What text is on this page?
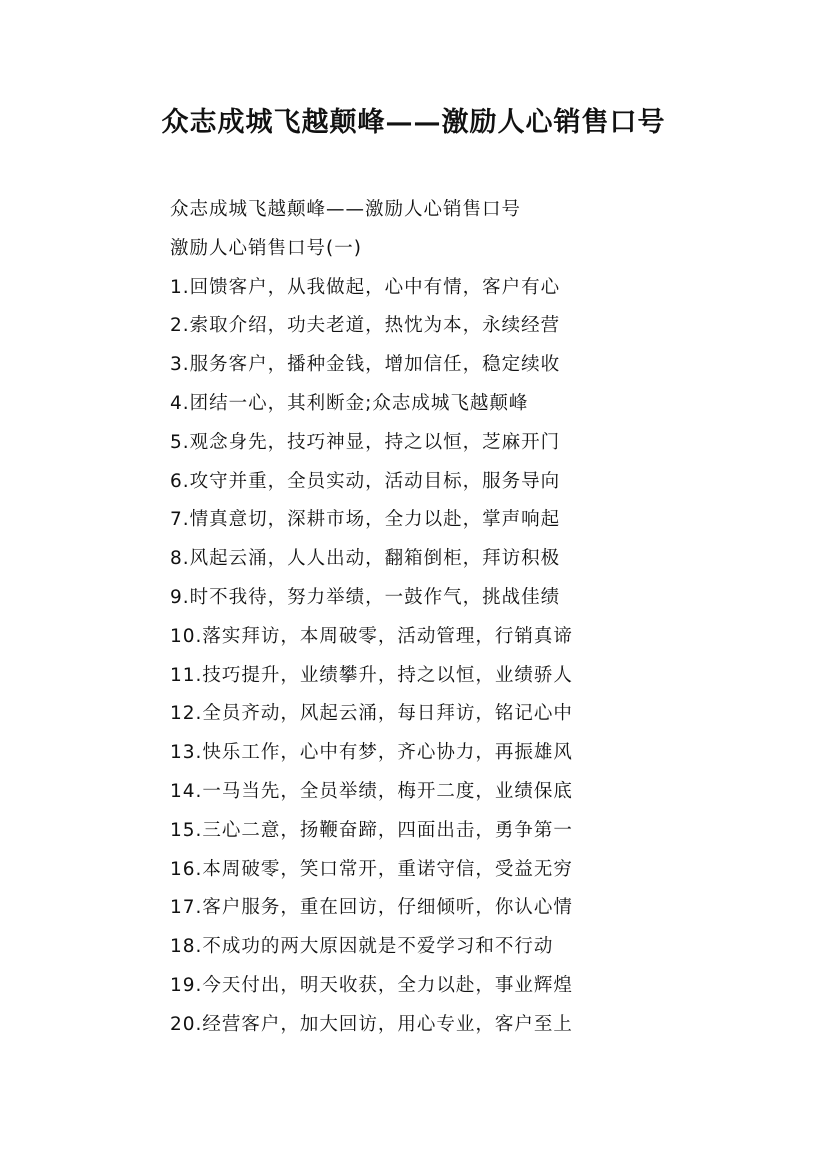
众志成城飞越颠峰——激励人心销售口号
众志成城飞越颠峰——激励人心销售口号
激励人心销售口号(一)
1.回馈客户，从我做起，心中有情，客户有心
2.索取介绍，功夫老道，热忱为本，永续经营
3.服务客户，播种金钱，增加信任，稳定续收
4.团结一心，其利断金;众志成城飞越颠峰
5.观念身先，技巧神显，持之以恒，芝麻开门
6.攻守并重，全员实动，活动目标，服务导向
7.情真意切，深耕市场，全力以赴，掌声响起
8.风起云涌，人人出动，翻箱倒柜，拜访积极
9.时不我待，努力举绩，一鼓作气，挑战佳绩
10.落实拜访，本周破零，活动管理，行销真谛
11.技巧提升，业绩攀升，持之以恒，业绩骄人
12.全员齐动，风起云涌，每日拜访，铭记心中
13.快乐工作，心中有梦，齐心协力，再振雄风
14.一马当先，全员举绩，梅开二度，业绩保底
15.三心二意，扬鞭奋蹄，四面出击，勇争第一
16.本周破零，笑口常开，重诺守信，受益无穷
17.客户服务，重在回访，仔细倾听，你认心情
18.不成功的两大原因就是不爱学习和不行动
19.今天付出，明天收获，全力以赴，事业辉煌
20.经营客户，加大回访，用心专业，客户至上
